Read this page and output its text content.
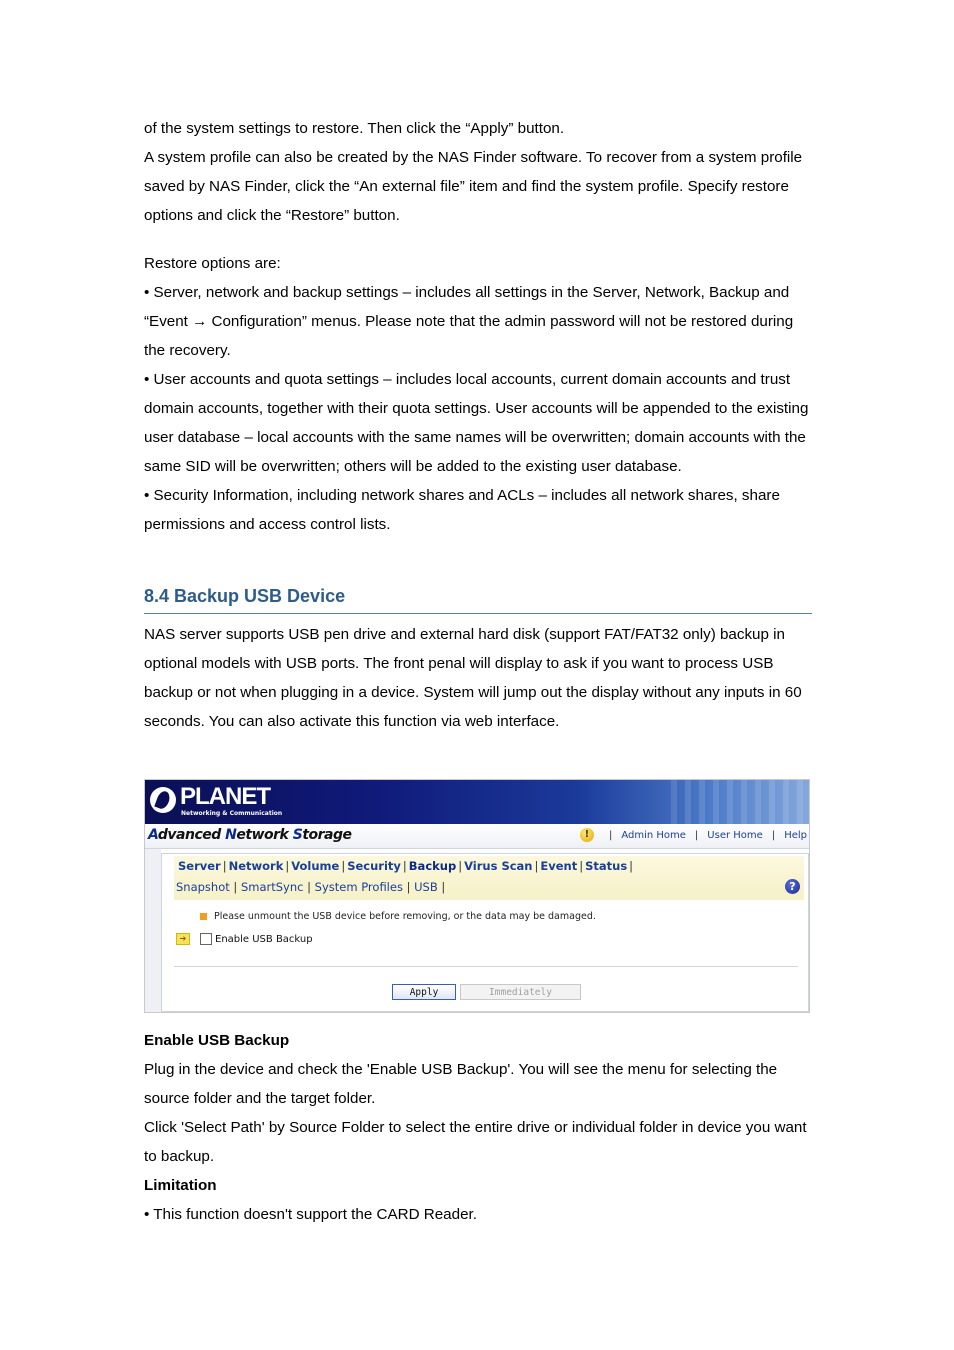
of the system settings to restore. Then click the “Apply” button.

A system profile can also be created by the NAS Finder software. To recover from a system profile saved by NAS Finder, click the “An external file” item and find the system profile. Specify restore options and click the “Restore” button.

Restore options are:

• Server, network and backup settings – includes all settings in the Server, Network, Backup and “Event → Configuration” menus. Please note that the admin password will not be restored during the recovery.

• User accounts and quota settings – includes local accounts, current domain accounts and trust domain accounts, together with their quota settings. User accounts will be appended to the existing user database – local accounts with the same names will be overwritten; domain accounts with the same SID will be overwritten; others will be added to the existing user database.

• Security Information, including network shares and ACLs – includes all network shares, share permissions and access control lists.

8.4 Backup USB Device

NAS server supports USB pen drive and external hard disk (support FAT/FAT32 only) backup in optional models with USB ports. The front penal will display to ask if you want to process USB backup or not when plugging in a device. System will jump out the display without any inputs in 60 seconds. You can also activate this function via web interface.

PLANET
Networking & Communication
Advanced Network Storage	!	| Admin Home | User Home | Help
Server | Network | Volume | Security | Backup | Virus Scan | Event | Status |
Snapshot | SmartSync | System Profiles | USB |	?
Please unmount the USB device before removing, or the data may be damaged.
➔	Enable USB Backup
Apply	Immediately

Enable USB Backup

Plug in the device and check the 'Enable USB Backup'. You will see the menu for selecting the source folder and the target folder.

Click 'Select Path' by Source Folder to select the entire drive or individual folder in device you want to backup.

Limitation

• This function doesn't support the CARD Reader.
